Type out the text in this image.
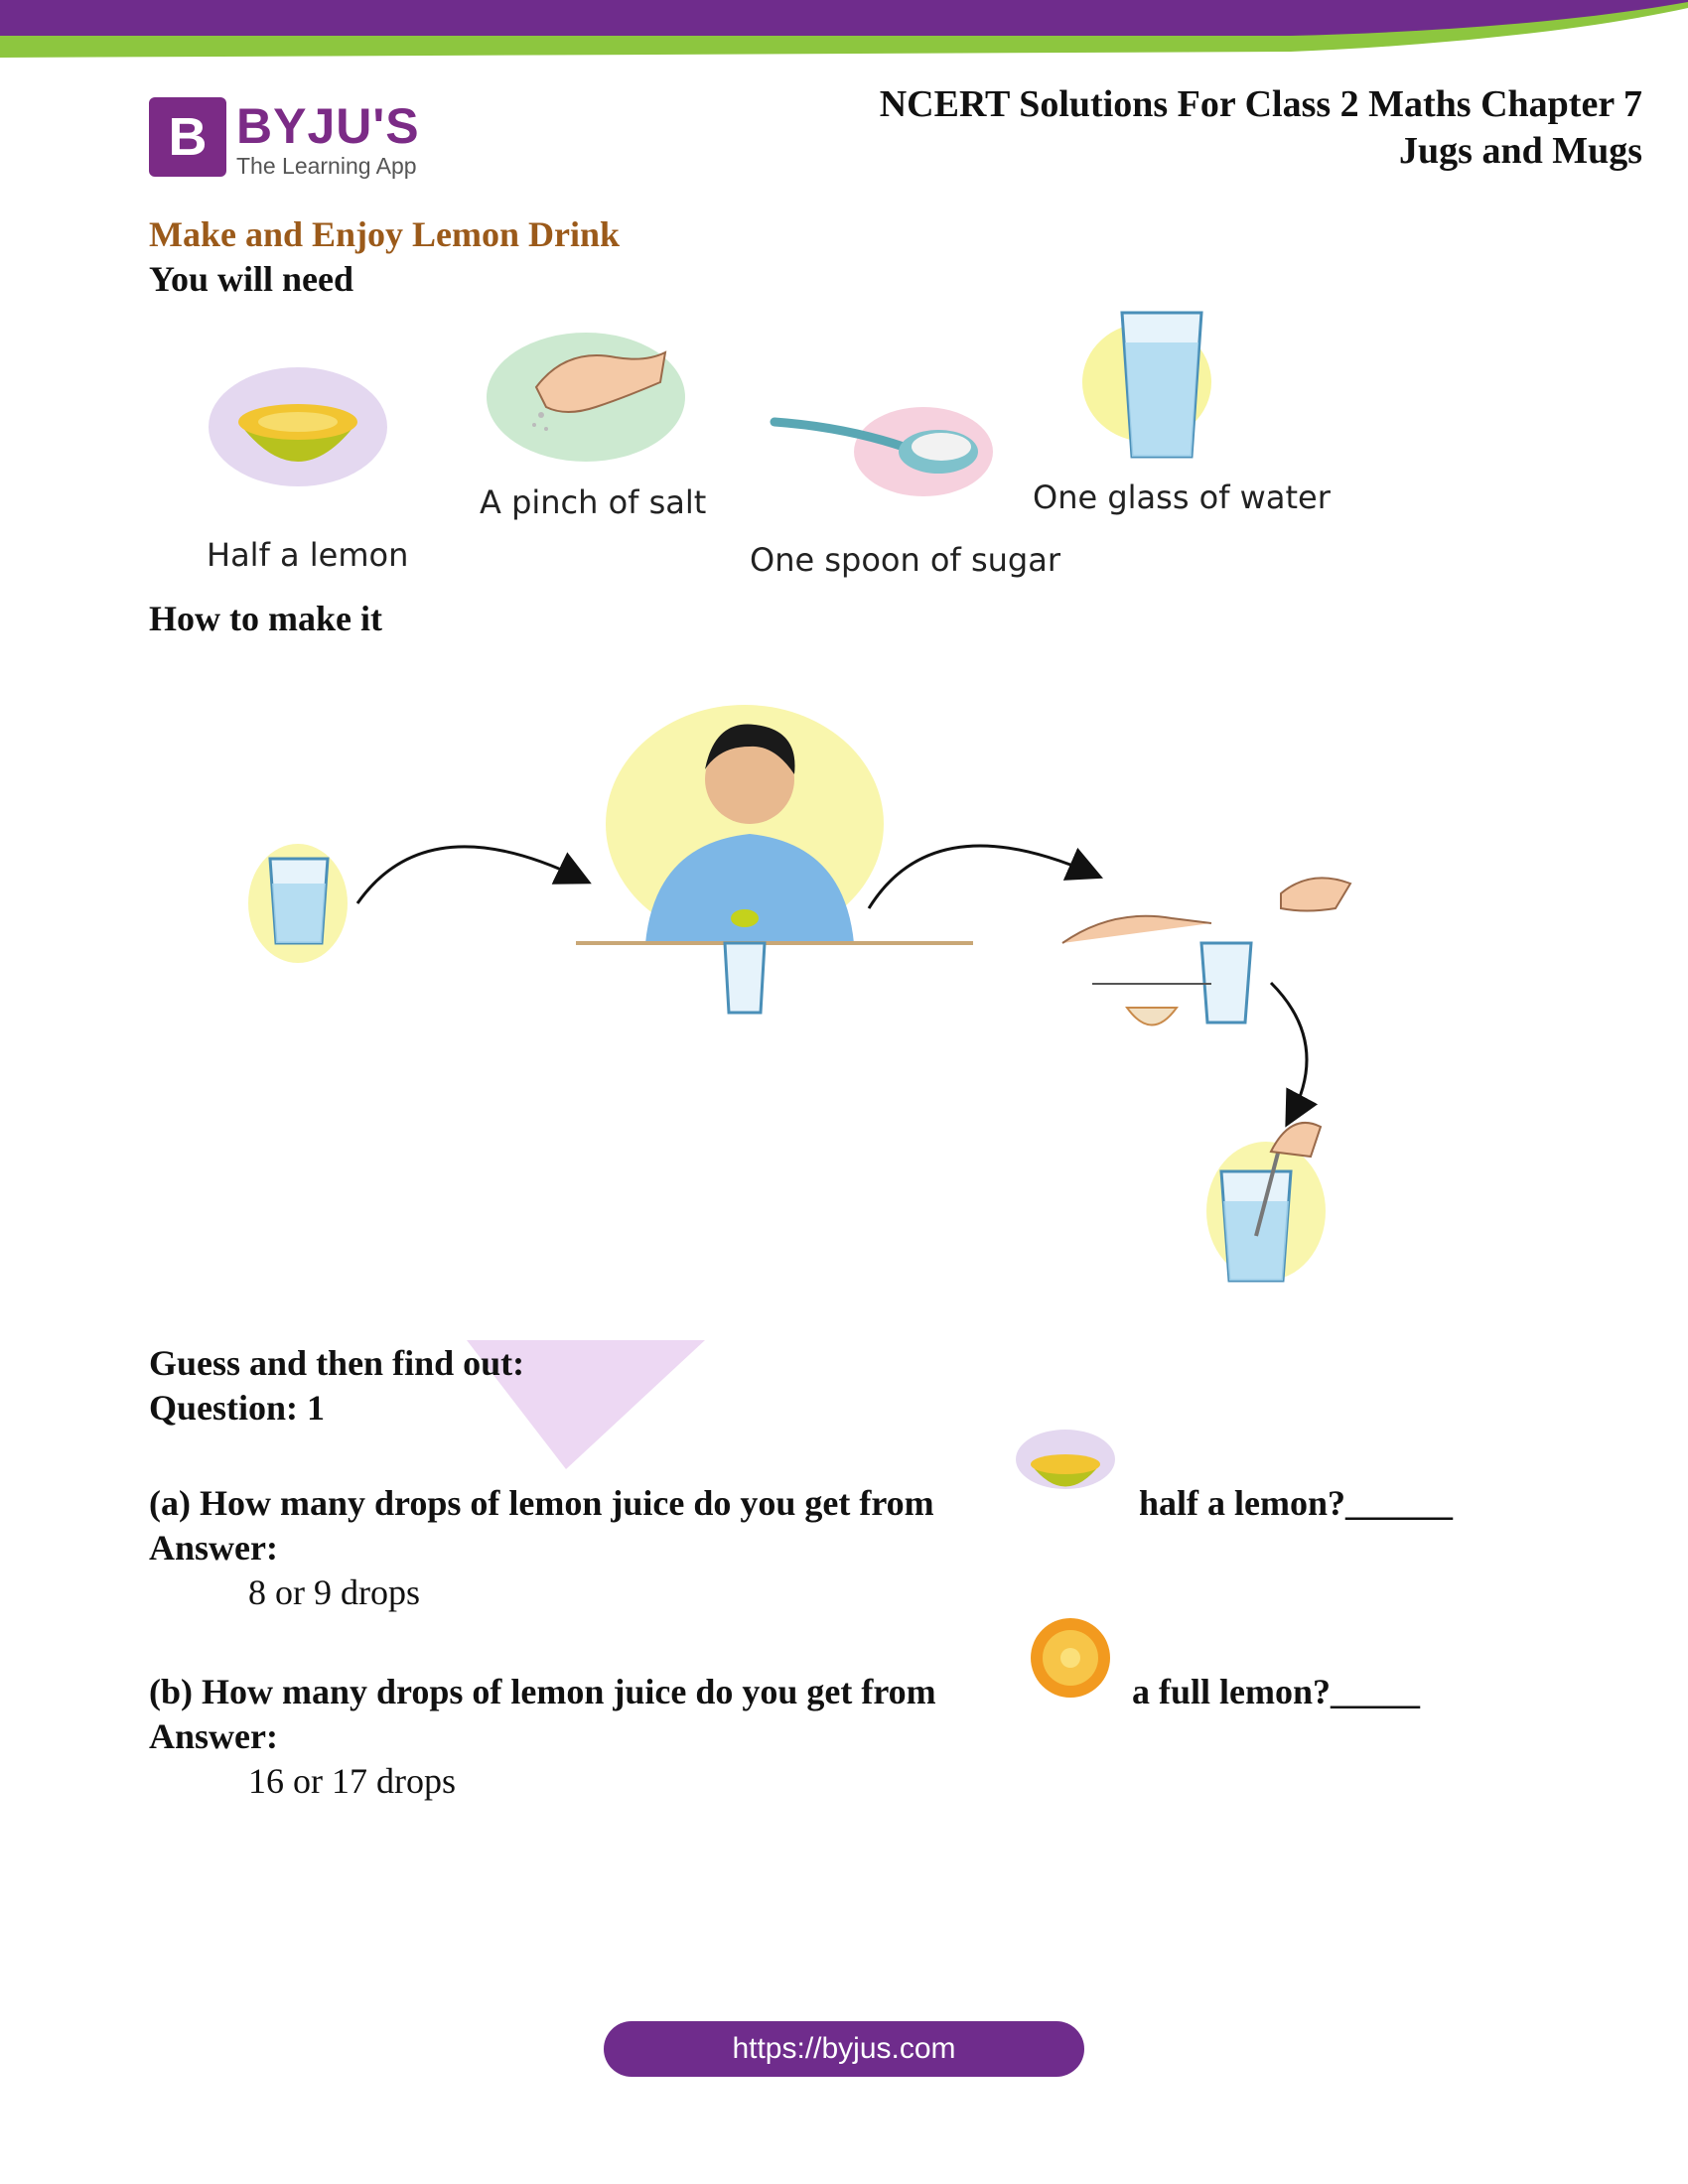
B BYJU'S
The Learning App
NCERT Solutions For Class 2 Maths Chapter 7
Jugs and Mugs
Make and Enjoy Lemon Drink
You will need
Half a lemon
A pinch of salt
One spoon of sugar
One glass of water
How to make it
Guess and then find out:
Question: 1
(a) How many drops of lemon juice do you get from	half a lemon?______
Answer:
8 or 9 drops
(b) How many drops of lemon juice do you get from	a full lemon?_____
Answer:
16 or 17 drops
https://byjus.com
